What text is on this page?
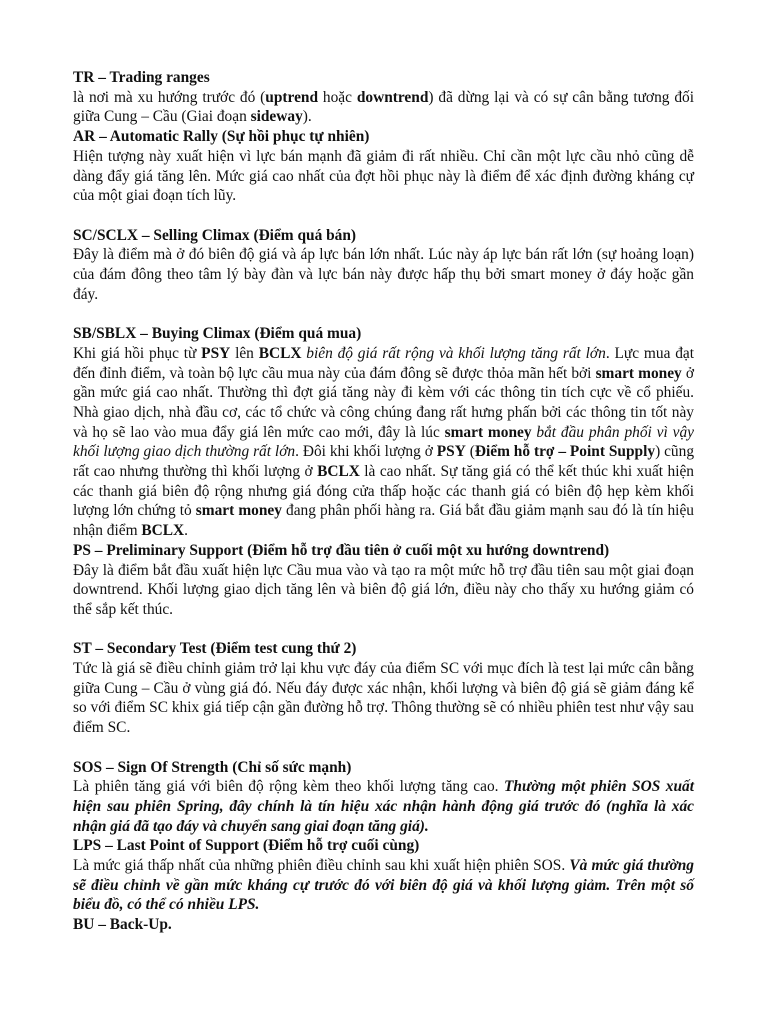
TR – Trading ranges

là nơi mà xu hướng trước đó (uptrend hoặc downtrend) đã dừng lại và có sự cân bằng tương đối giữa Cung – Cầu (Giai đoạn sideway).

AR – Automatic Rally (Sự hồi phục tự nhiên)

Hiện tượng này xuất hiện vì lực bán mạnh đã giảm đi rất nhiều. Chỉ cần một lực cầu nhỏ cũng dễ dàng đẩy giá tăng lên. Mức giá cao nhất của đợt hồi phục này là điểm để xác định đường kháng cự của một giai đoạn tích lũy.

SC/SCLX – Selling Climax (Điểm quá bán)

Đây là điểm mà ở đó biên độ giá và áp lực bán lớn nhất. Lúc này áp lực bán rất lớn (sự hoảng loạn) của đám đông theo tâm lý bày đàn và lực bán này được hấp thụ bởi smart money ở đáy hoặc gần đáy.

SB/SBLX – Buying Climax (Điểm quá mua)

Khi giá hồi phục từ PSY lên BCLX biên độ giá rất rộng và khối lượng tăng rất lớn. Lực mua đạt đến đỉnh điểm, và toàn bộ lực cầu mua này của đám đông sẽ được thỏa mãn hết bởi smart money ở gần mức giá cao nhất. Thường thì đợt giá tăng này đi kèm với các thông tin tích cực về cổ phiếu. Nhà giao dịch, nhà đầu cơ, các tổ chức và công chúng đang rất hưng phấn bởi các thông tin tốt này và họ sẽ lao vào mua đẩy giá lên mức cao mới, đây là lúc smart money bắt đầu phân phối vì vậy khối lượng giao dịch thường rất lớn. Đôi khi khối lượng ở PSY (Điểm hỗ trợ – Point Supply) cũng rất cao nhưng thường thì khối lượng ở BCLX là cao nhất. Sự tăng giá có thể kết thúc khi xuất hiện các thanh giá biên độ rộng nhưng giá đóng cửa thấp hoặc các thanh giá có biên độ hẹp kèm khối lượng lớn chứng tỏ smart money đang phân phối hàng ra. Giá bắt đầu giảm mạnh sau đó là tín hiệu nhận điểm BCLX.

PS – Preliminary Support (Điểm hỗ trợ đầu tiên ở cuối một xu hướng downtrend)

Đây là điểm bắt đầu xuất hiện lực Cầu mua vào và tạo ra một mức hỗ trợ đầu tiên sau một giai đoạn downtrend. Khối lượng giao dịch tăng lên và biên độ giá lớn, điều này cho thấy xu hướng giảm có thể sắp kết thúc.

ST – Secondary Test (Điểm test cung thứ 2)

Tức là giá sẽ điều chỉnh giảm trở lại khu vực đáy của điểm SC với mục đích là test lại mức cân bằng giữa Cung – Cầu ở vùng giá đó. Nếu đáy được xác nhận, khối lượng và biên độ giá sẽ giảm đáng kể so với điểm SC khix giá tiếp cận gần đường hỗ trợ. Thông thường sẽ có nhiều phiên test như vậy sau điểm SC.

SOS – Sign Of Strength (Chỉ số sức mạnh)

Là phiên tăng giá với biên độ rộng kèm theo khối lượng tăng cao. Thường một phiên SOS xuất hiện sau phiên Spring, đây chính là tín hiệu xác nhận hành động giá trước đó (nghĩa là xác nhận giá đã tạo đáy và chuyển sang giai đoạn tăng giá).

LPS – Last Point of Support (Điểm hỗ trợ cuối cùng)

Là mức giá thấp nhất của những phiên điều chỉnh sau khi xuất hiện phiên SOS. Và mức giá thường sẽ điều chỉnh về gần mức kháng cự trước đó với biên độ giá và khối lượng giảm. Trên một số biểu đồ, có thể có nhiều LPS.

BU – Back-Up.
